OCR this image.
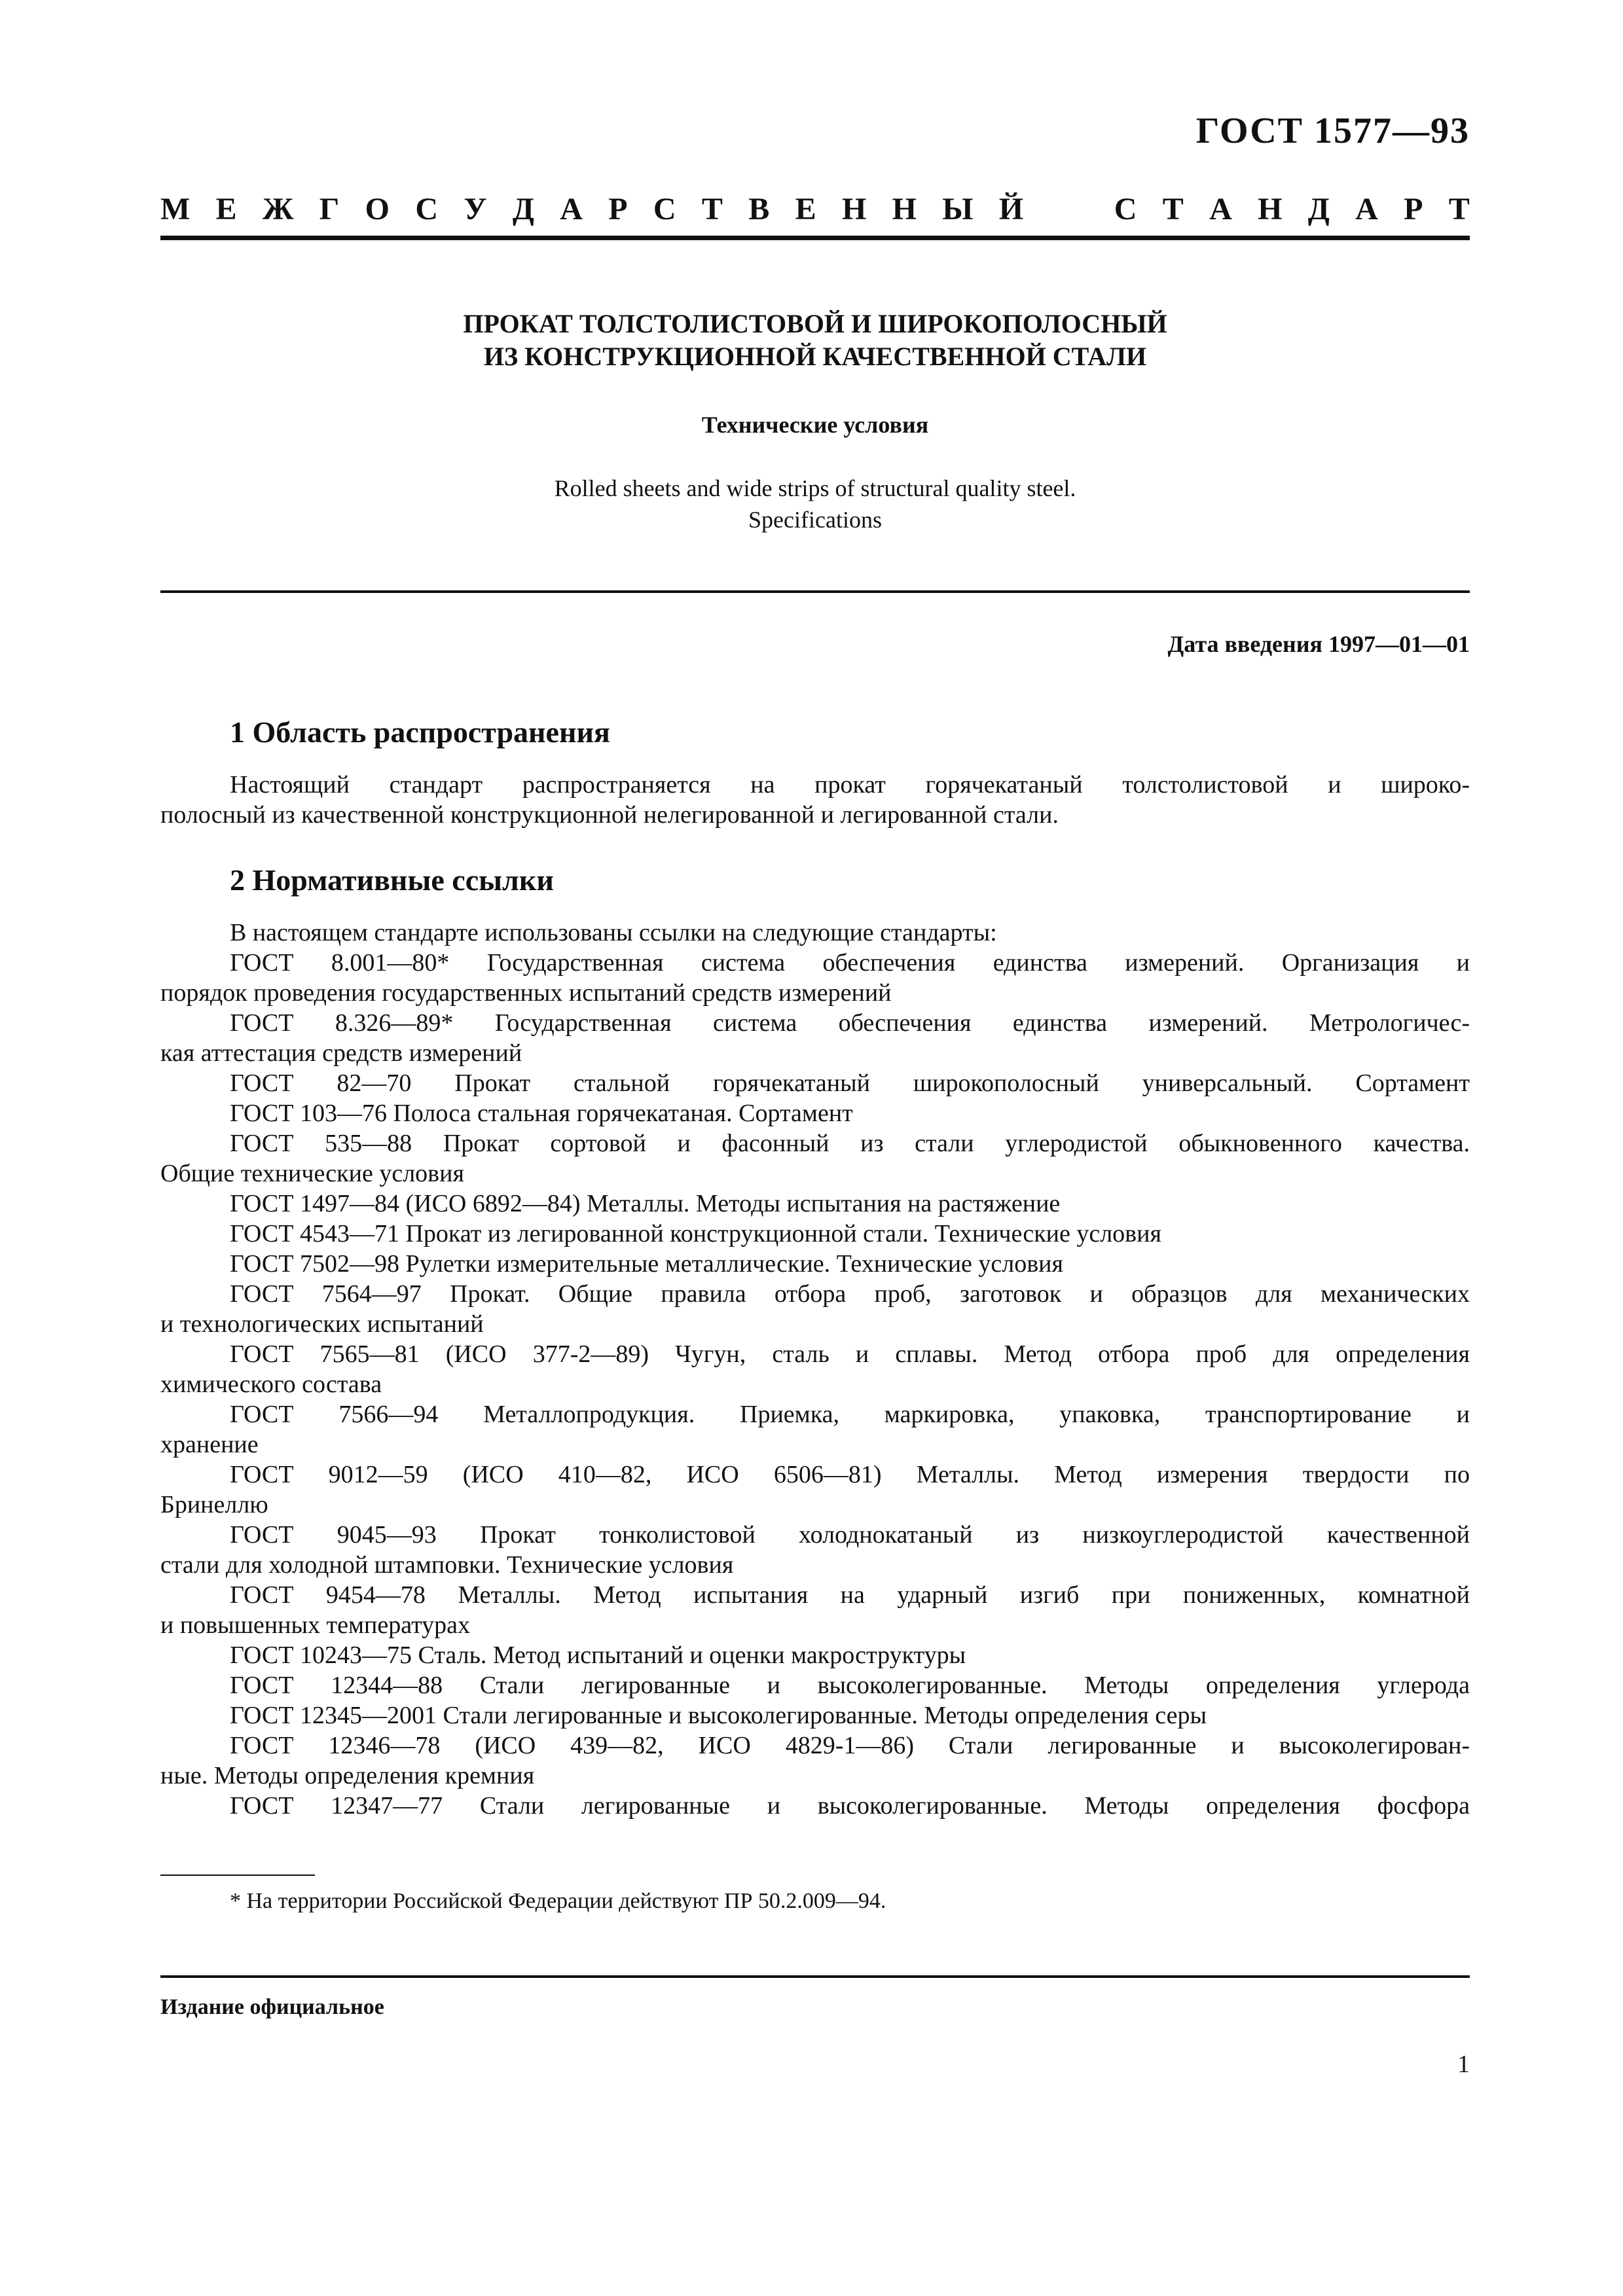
ГОСТ 1577—93
М Е Ж Г О С У Д А Р С Т В Е Н Н Ы Й	С Т А Н Д А Р Т
ПРОКАТ ТОЛСТОЛИСТОВОЙ И ШИРОКОПОЛОСНЫЙ
ИЗ КОНСТРУКЦИОННОЙ КАЧЕСТВЕННОЙ СТАЛИ
Технические условия
Rolled sheets and wide strips of structural quality steel.
Specifications
Дата введения 1997—01—01
1 Область распространения
Настоящий стандарт распространяется на прокат горячекатаный толстолистовой и широко-
полосный из качественной конструкционной нелегированной и легированной стали.
2 Нормативные ссылки
В настоящем стандарте использованы ссылки на следующие стандарты:
ГОСТ 8.001—80* Государственная система обеспечения единства измерений. Организация и
порядок проведения государственных испытаний средств измерений
ГОСТ 8.326—89* Государственная система обеспечения единства измерений. Метрологичес-
кая аттестация средств измерений
ГОСТ 82—70 Прокат стальной горячекатаный широкополосный универсальный. Сортамент
ГОСТ 103—76 Полоса стальная горячекатаная. Сортамент
ГОСТ 535—88 Прокат сортовой и фасонный из стали углеродистой обыкновенного качества.
Общие технические условия
ГОСТ 1497—84 (ИСО 6892—84) Металлы. Методы испытания на растяжение
ГОСТ 4543—71 Прокат из легированной конструкционной стали. Технические условия
ГОСТ 7502—98 Рулетки измерительные металлические. Технические условия
ГОСТ 7564—97 Прокат. Общие правила отбора проб, заготовок и образцов для механических
и технологических испытаний
ГОСТ 7565—81 (ИСО 377-2—89) Чугун, сталь и сплавы. Метод отбора проб для определения
химического состава
ГОСТ 7566—94 Металлопродукция. Приемка, маркировка, упаковка, транспортирование и
хранение
ГОСТ 9012—59 (ИСО 410—82, ИСО 6506—81) Металлы. Метод измерения твердости по
Бринеллю
ГОСТ 9045—93 Прокат тонколистовой холоднокатаный из низкоуглеродистой качественной
стали для холодной штамповки. Технические условия
ГОСТ 9454—78 Металлы. Метод испытания на ударный изгиб при пониженных, комнатной
и повышенных температурах
ГОСТ 10243—75 Сталь. Метод испытаний и оценки макроструктуры
ГОСТ 12344—88 Стали легированные и высоколегированные. Методы определения углерода
ГОСТ 12345—2001 Стали легированные и высоколегированные. Методы определения серы
ГОСТ 12346—78 (ИСО 439—82, ИСО 4829-1—86) Стали легированные и высоколегирован-
ные. Методы определения кремния
ГОСТ 12347—77 Стали легированные и высоколегированные. Методы определения фосфора
* На территории Российской Федерации действуют ПР 50.2.009—94.
Издание официальное
1
